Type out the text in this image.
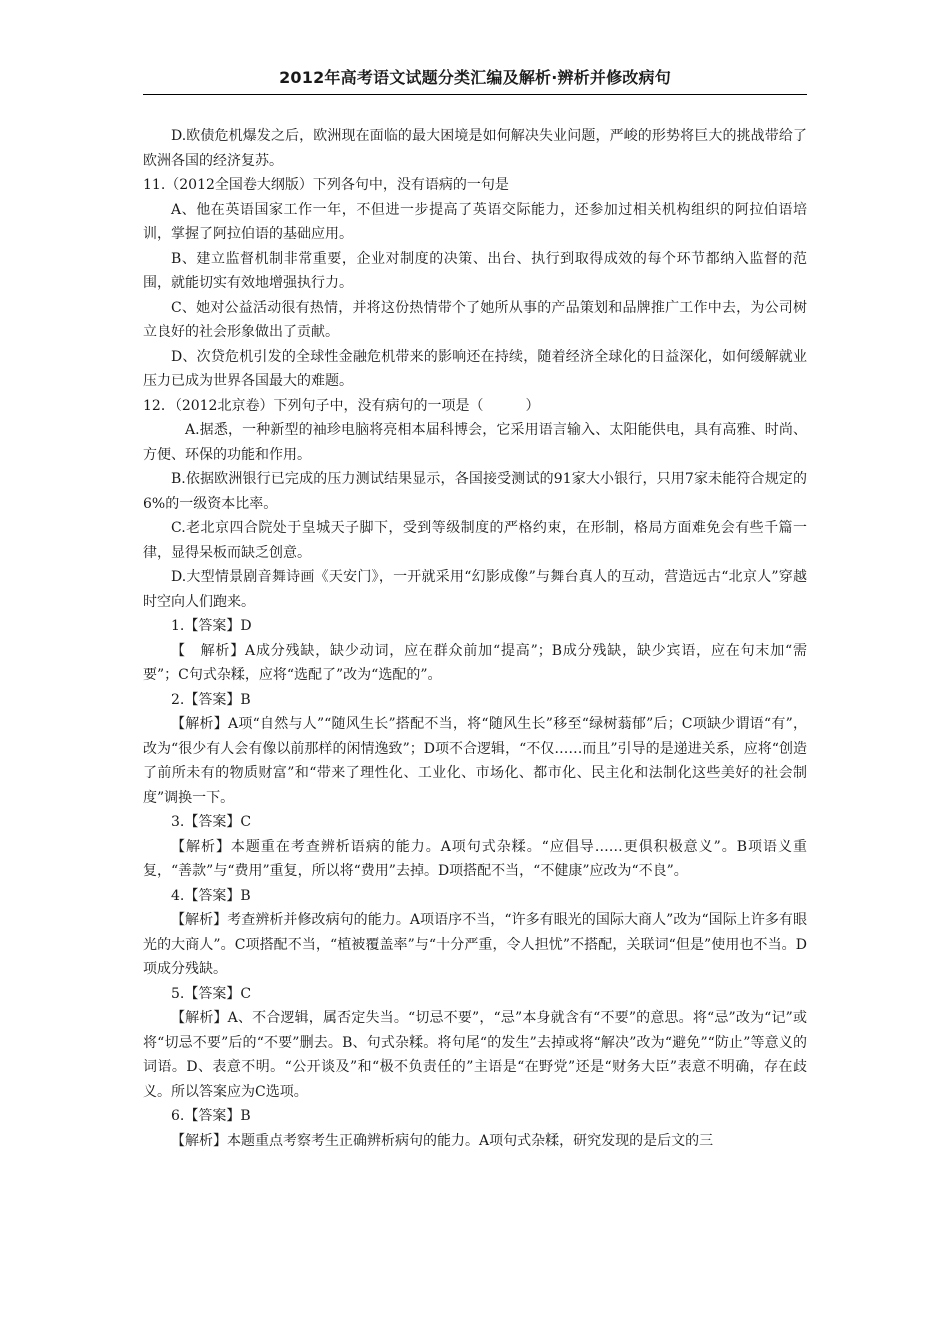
2012年高考语文试题分类汇编及解析·辨析并修改病句

D.欧债危机爆发之后，欧洲现在面临的最大困境是如何解决失业问题，严峻的形势将巨大的挑战带给了欧洲各国的经济复苏。

11.（2012全国卷大纲版）下列各句中，没有语病的一句是

A、他在英语国家工作一年，不但进一步提高了英语交际能力，还参加过相关机构组织的阿拉伯语培训，掌握了阿拉伯语的基础应用。

B、建立监督机制非常重要，企业对制度的决策、出台、执行到取得成效的每个环节都纳入监督的范围，就能切实有效地增强执行力。

C、她对公益活动很有热情，并将这份热情带个了她所从事的产品策划和品牌推广工作中去，为公司树立良好的社会形象做出了贡献。

D、次贷危机引发的全球性金融危机带来的影响还在持续，随着经济全球化的日益深化，如何缓解就业压力已成为世界各国最大的难题。

12．（2012北京卷）下列句子中，没有病句的一项是（　　　）

A.据悉，一种新型的袖珍电脑将亮相本届科博会，它采用语言输入、太阳能供电，具有高雅、时尚、方便、环保的功能和作用。

B.依据欧洲银行已完成的压力测试结果显示，各国接受测试的91家大小银行，只用7家未能符合规定的6%的一级资本比率。

C.老北京四合院处于皇城天子脚下，受到等级制度的严格约束，在形制，格局方面难免会有些千篇一律，显得呆板而缺乏创意。

D.大型情景剧音舞诗画《天安门》，一开就采用“幻影成像”与舞台真人的互动，营造远古“北京人”穿越时空向人们跑来。

1.【答案】D

【　解析】A成分残缺，缺少动词，应在群众前加“提高”；B成分残缺，缺少宾语，应在句末加“需要”；C句式杂糅，应将“选配了”改为“选配的”。

2.【答案】B

【解析】A项“自然与人”“随风生长”搭配不当，将“随风生长”移至“绿树蓊郁”后；C项缺少谓语“有”，改为“很少有人会有像以前那样的闲情逸致”；D项不合逻辑，“不仅……而且”引导的是递进关系，应将“创造了前所未有的物质财富”和“带来了理性化、工业化、市场化、都市化、民主化和法制化这些美好的社会制度”调换一下。

3.【答案】C

【解析】本题重在考查辨析语病的能力。A项句式杂糅。“应倡导……更俱积极意义”。B项语义重复，“善款”与“费用”重复，所以将“费用”去掉。D项搭配不当，“不健康”应改为“不良”。

4.【答案】B

【解析】考查辨析并修改病句的能力。A项语序不当，“许多有眼光的国际大商人”改为“国际上许多有眼光的大商人”。C项搭配不当，“植被覆盖率”与“十分严重，令人担忧”不搭配，关联词“但是”使用也不当。D项成分残缺。

5.【答案】C

【解析】A、不合逻辑，属否定失当。“切忌不要”，“忌”本身就含有“不要”的意思。将“忌”改为“记”或将“切忌不要”后的“不要”删去。B、句式杂糅。将句尾“的发生”去掉或将“解决”改为“避免”“防止”等意义的词语。D、表意不明。“公开谈及”和“极不负责任的”主语是“在野党”还是“财务大臣”表意不明确，存在歧义。所以答案应为C选项。

6.【答案】B

【解析】本题重点考察考生正确辨析病句的能力。A项句式杂糅，研究发现的是后文的三
